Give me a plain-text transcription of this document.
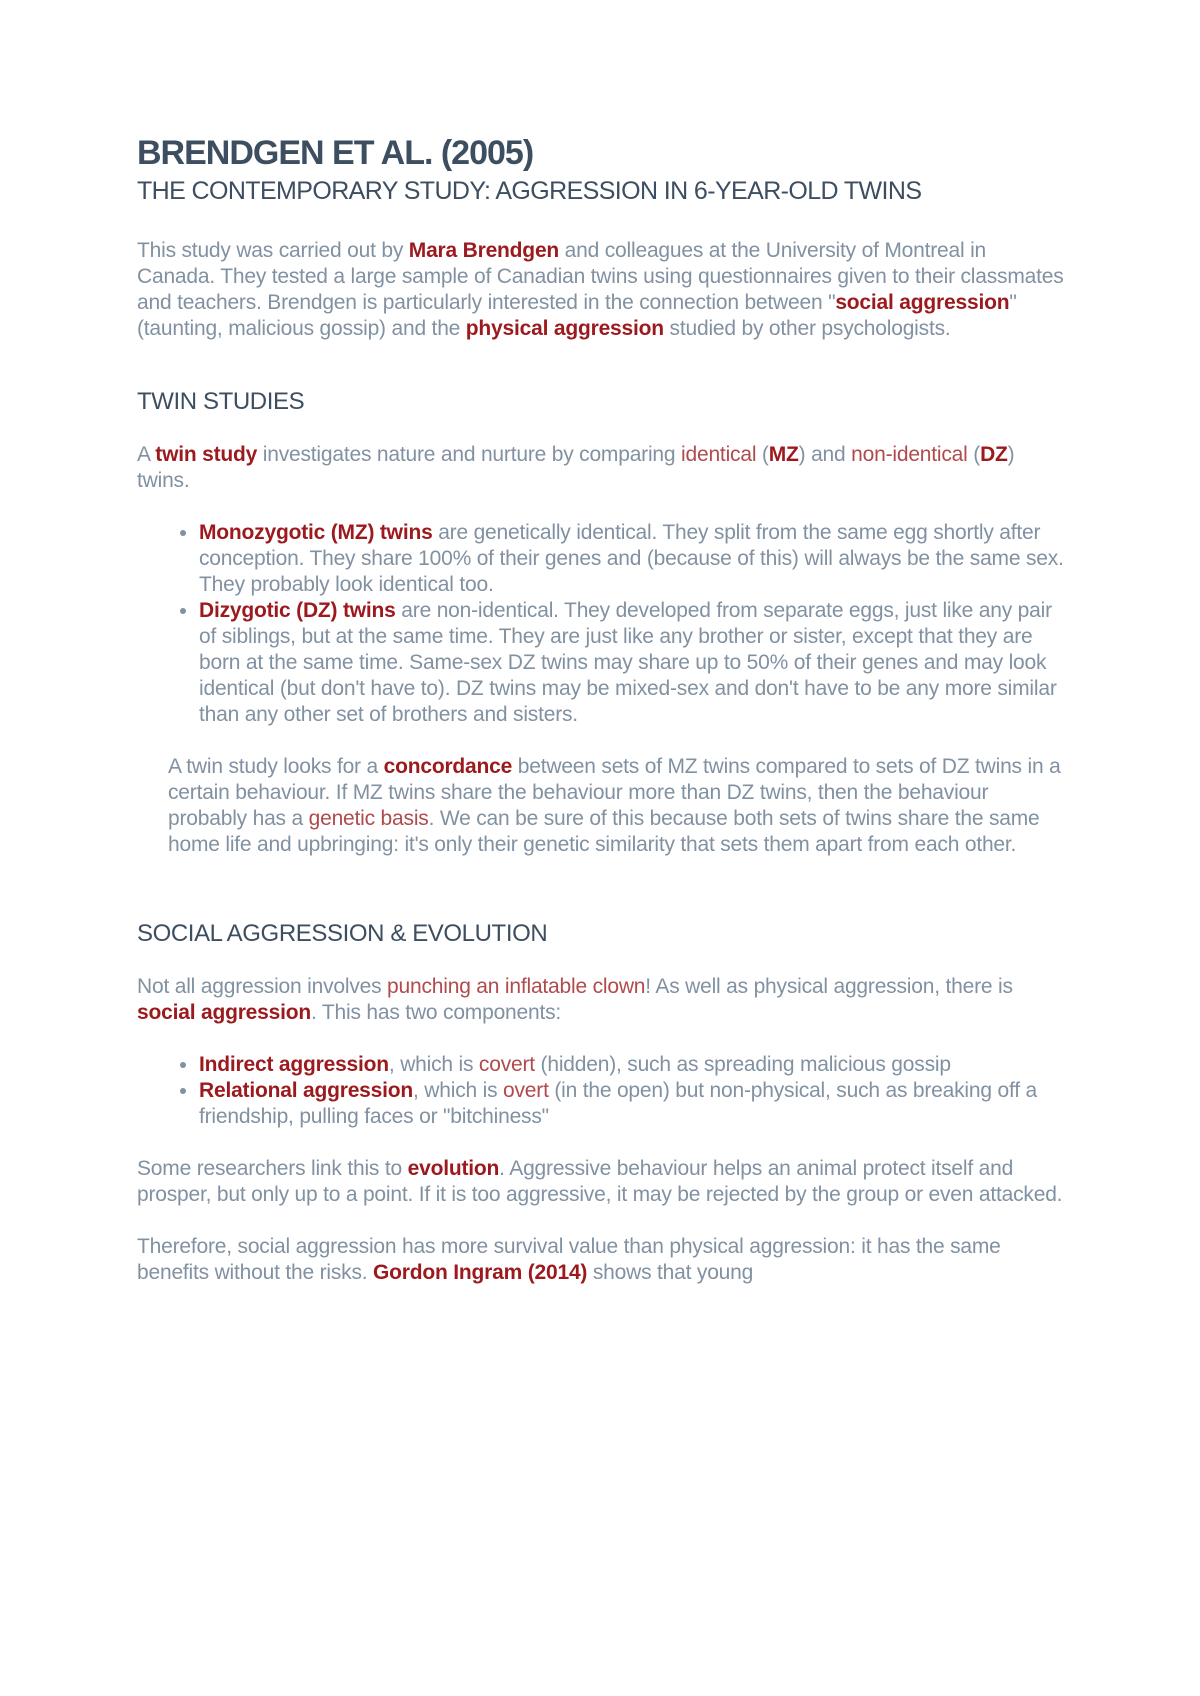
BRENDGEN ET AL. (2005)
THE CONTEMPORARY STUDY: AGGRESSION IN 6-YEAR-OLD TWINS

This study was carried out by Mara Brendgen and colleagues at the University of Montreal in Canada. They tested a large sample of Canadian twins using questionnaires given to their classmates and teachers. Brendgen is particularly interested in the connection between "social aggression" (taunting, malicious gossip) and the physical aggression studied by other psychologists.

TWIN STUDIES

A twin study investigates nature and nurture by comparing identical (MZ) and non-identical (DZ) twins.

• Monozygotic (MZ) twins are genetically identical. They split from the same egg shortly after conception. They share 100% of their genes and (because of this) will always be the same sex. They probably look identical too.
• Dizygotic (DZ) twins are non-identical. They developed from separate eggs, just like any pair of siblings, but at the same time. They are just like any brother or sister, except that they are born at the same time. Same-sex DZ twins may share up to 50% of their genes and may look identical (but don't have to). DZ twins may be mixed-sex and don't have to be any more similar than any other set of brothers and sisters.

A twin study looks for a concordance between sets of MZ twins compared to sets of DZ twins in a certain behaviour. If MZ twins share the behaviour more than DZ twins, then the behaviour probably has a genetic basis. We can be sure of this because both sets of twins share the same home life and upbringing: it's only their genetic similarity that sets them apart from each other.

SOCIAL AGGRESSION & EVOLUTION

Not all aggression involves punching an inflatable clown! As well as physical aggression, there is social aggression. This has two components:

• Indirect aggression, which is covert (hidden), such as spreading malicious gossip
• Relational aggression, which is overt (in the open) but non-physical, such as breaking off a friendship, pulling faces or "bitchiness"

Some researchers link this to evolution. Aggressive behaviour helps an animal protect itself and prosper, but only up to a point. If it is too aggressive, it may be rejected by the group or even attacked.

Therefore, social aggression has more survival value than physical aggression: it has the same benefits without the risks. Gordon Ingram (2014) shows that young
